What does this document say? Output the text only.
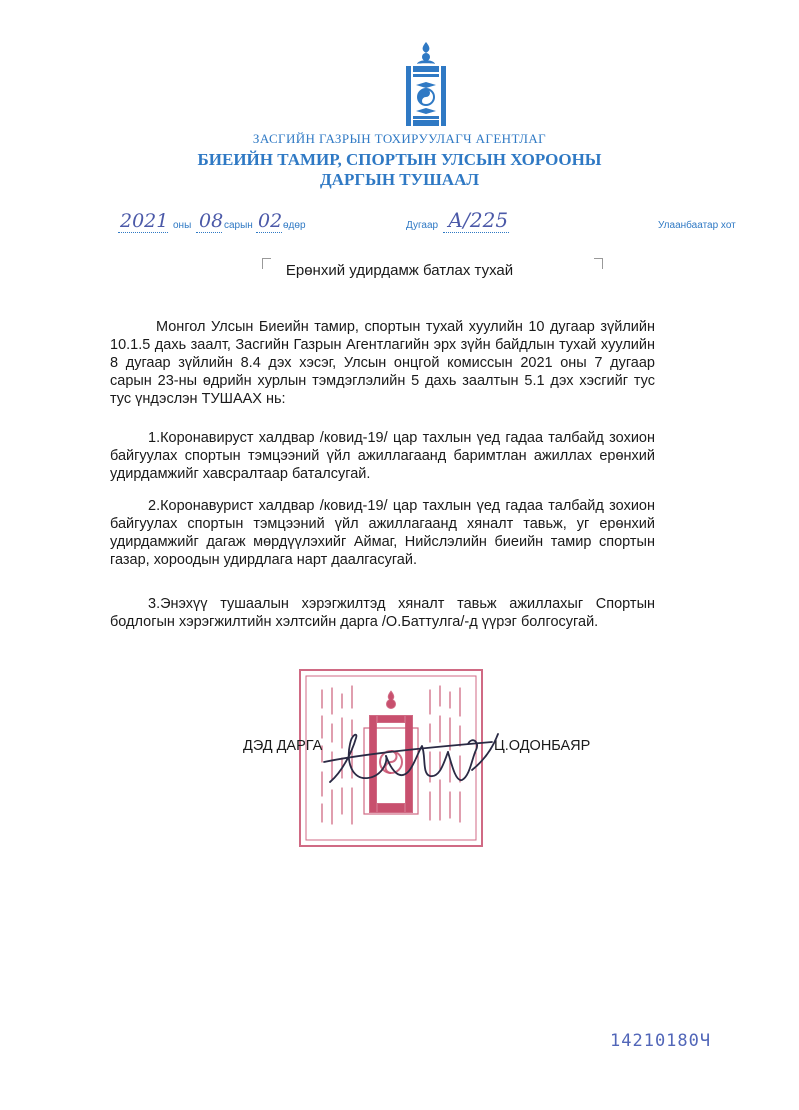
ЗАСГИЙН ГАЗРЫН ТОХИРУУЛАГЧ АГЕНТЛАГ
БИЕИЙН ТАМИР, СПОРТЫН УЛСЫН ХОРООНЫ
ДАРГЫН ТУШААЛ
2021 оны 08 сарын 02 өдөр	Дугаар А/225	Улаанбаатар хот
Ерөнхий удирдамж батлах тухай
Монгол Улсын Биеийн тамир, спортын тухай хуулийн 10 дугаар зүйлийн 10.1.5 дахь заалт, Засгийн Газрын Агентлагийн эрх зүйн байдлын тухай хуулийн 8 дугаар зүйлийн 8.4 дэх хэсэг, Улсын онцгой комиссын 2021 оны 7 дугаар сарын 23-ны өдрийн хурлын тэмдэглэлийн 5 дахь заалтын 5.1 дэх хэсгийг тус тус үндэслэн ТУШААХ нь:
1.Коронавируст халдвар /ковид-19/ цар тахлын үед гадаа талбайд зохион байгуулах спортын тэмцээний үйл ажиллагаанд баримтлан ажиллах ерөнхий удирдамжийг хавсралтаар баталсугай.
2.Коронавурист халдвар /ковид-19/ цар тахлын үед гадаа талбайд зохион байгуулах спортын тэмцээний үйл ажиллагаанд хяналт тавьж, уг ерөнхий удирдамжийг дагаж мөрдүүлэхийг Аймаг, Нийслэлийн биеийн тамир спортын газар, хороодын удирдлага нарт даалгасугай.
3.Энэхүү тушаалын хэрэгжилтэд хяналт тавьж ажиллахыг Спортын бодлогын хэрэгжилтийн хэлтсийн дарга /О.Баттулга/-д үүрэг болгосугай.
ДЭД ДАРГА	Ц.ОДОНБАЯР
14210180Ч
